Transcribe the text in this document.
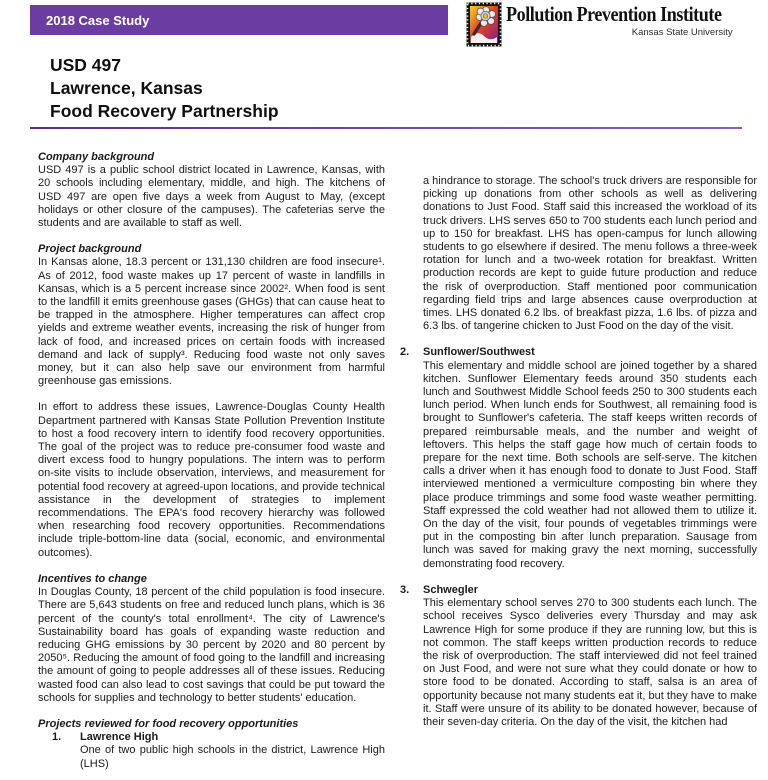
2018 Case Study	Pollution Prevention Institute
Kansas State University
USD 497
Lawrence, Kansas
Food Recovery Partnership
Company background

USD 497 is a public school district located in Lawrence, Kansas, with 20 schools including elementary, middle, and high. The kitchens of USD 497 are open five days a week from August to May, (except holidays or other closure of the campuses). The cafeterias serve the students and are available to staff as well.

Project background

In Kansas alone, 18.3 percent or 131,130 children are food insecure¹. As of 2012, food waste makes up 17 percent of waste in landfills in Kansas, which is a 5 percent increase since 2002². When food is sent to the landfill it emits greenhouse gases (GHGs) that can cause heat to be trapped in the atmosphere. Higher temperatures can affect crop yields and extreme weather events, increasing the risk of hunger from lack of food, and increased prices on certain foods with increased demand and lack of supply³. Reducing food waste not only saves money, but it can also help save our environment from harmful greenhouse gas emissions.

In effort to address these issues, Lawrence-Douglas County Health Department partnered with Kansas State Pollution Prevention Institute to host a food recovery intern to identify food recovery opportunities. The goal of the project was to reduce pre-consumer food waste and divert excess food to hungry populations. The intern was to perform on-site visits to include observation, interviews, and measurement for potential food recovery at agreed-upon locations, and provide technical assistance in the development of strategies to implement recommendations. The EPA's food recovery hierarchy was followed when researching food recovery opportunities. Recommendations include triple-bottom-line data (social, economic, and environmental outcomes).

Incentives to change

In Douglas County, 18 percent of the child population is food insecure. There are 5,643 students on free and reduced lunch plans, which is 36 percent of the county's total enrollment⁴. The city of Lawrence's Sustainability board has goals of expanding waste reduction and reducing GHG emissions by 30 percent by 2020 and 80 percent by 2050⁵. Reducing the amount of food going to the landfill and increasing the amount of going to people addresses all of these issues. Reducing wasted food can also lead to cost savings that could be put toward the schools for supplies and technology to better students' education.

Projects reviewed for food recovery opportunities
1.	Lawrence High
One of two public high schools in the district, Lawrence High (LHS)

a hindrance to storage. The school's truck drivers are responsible for picking up donations from other schools as well as delivering donations to Just Food. Staff said this increased the workload of its truck drivers. LHS serves 650 to 700 students each lunch period and up to 150 for breakfast. LHS has open-campus for lunch allowing students to go elsewhere if desired. The menu follows a three-week rotation for lunch and a two-week rotation for breakfast. Written production records are kept to guide future production and reduce the risk of overproduction. Staff mentioned poor communication regarding field trips and large absences cause overproduction at times. LHS donated 6.2 lbs. of breakfast pizza, 1.6 lbs. of pizza and 6.3 lbs. of tangerine chicken to Just Food on the day of the visit.

2.	Sunflower/Southwest
This elementary and middle school are joined together by a shared kitchen. Sunflower Elementary feeds around 350 students each lunch and Southwest Middle School feeds 250 to 300 students each lunch period. When lunch ends for Southwest, all remaining food is brought to Sunflower's cafeteria. The staff keeps written records of prepared reimbursable meals, and the number and weight of leftovers. This helps the staff gage how much of certain foods to prepare for the next time. Both schools are self-serve. The kitchen calls a driver when it has enough food to donate to Just Food. Staff interviewed mentioned a vermiculture composting bin where they place produce trimmings and some food waste weather permitting. Staff expressed the cold weather had not allowed them to utilize it. On the day of the visit, four pounds of vegetables trimmings were put in the composting bin after lunch preparation. Sausage from lunch was saved for making gravy the next morning, successfully demonstrating food recovery.
3.	Schwegler
This elementary school serves 270 to 300 students each lunch. The school receives Sysco deliveries every Thursday and may ask Lawrence High for some produce if they are running low, but this is not common. The staff keeps written production records to reduce the risk of overproduction. The staff interviewed did not feel trained on Just Food, and were not sure what they could donate or how to store food to be donated. According to staff, salsa is an area of opportunity because not many students eat it, but they have to make it. Staff were unsure of its ability to be donated however, because of their seven-day criteria. On the day of the visit, the kitchen had
